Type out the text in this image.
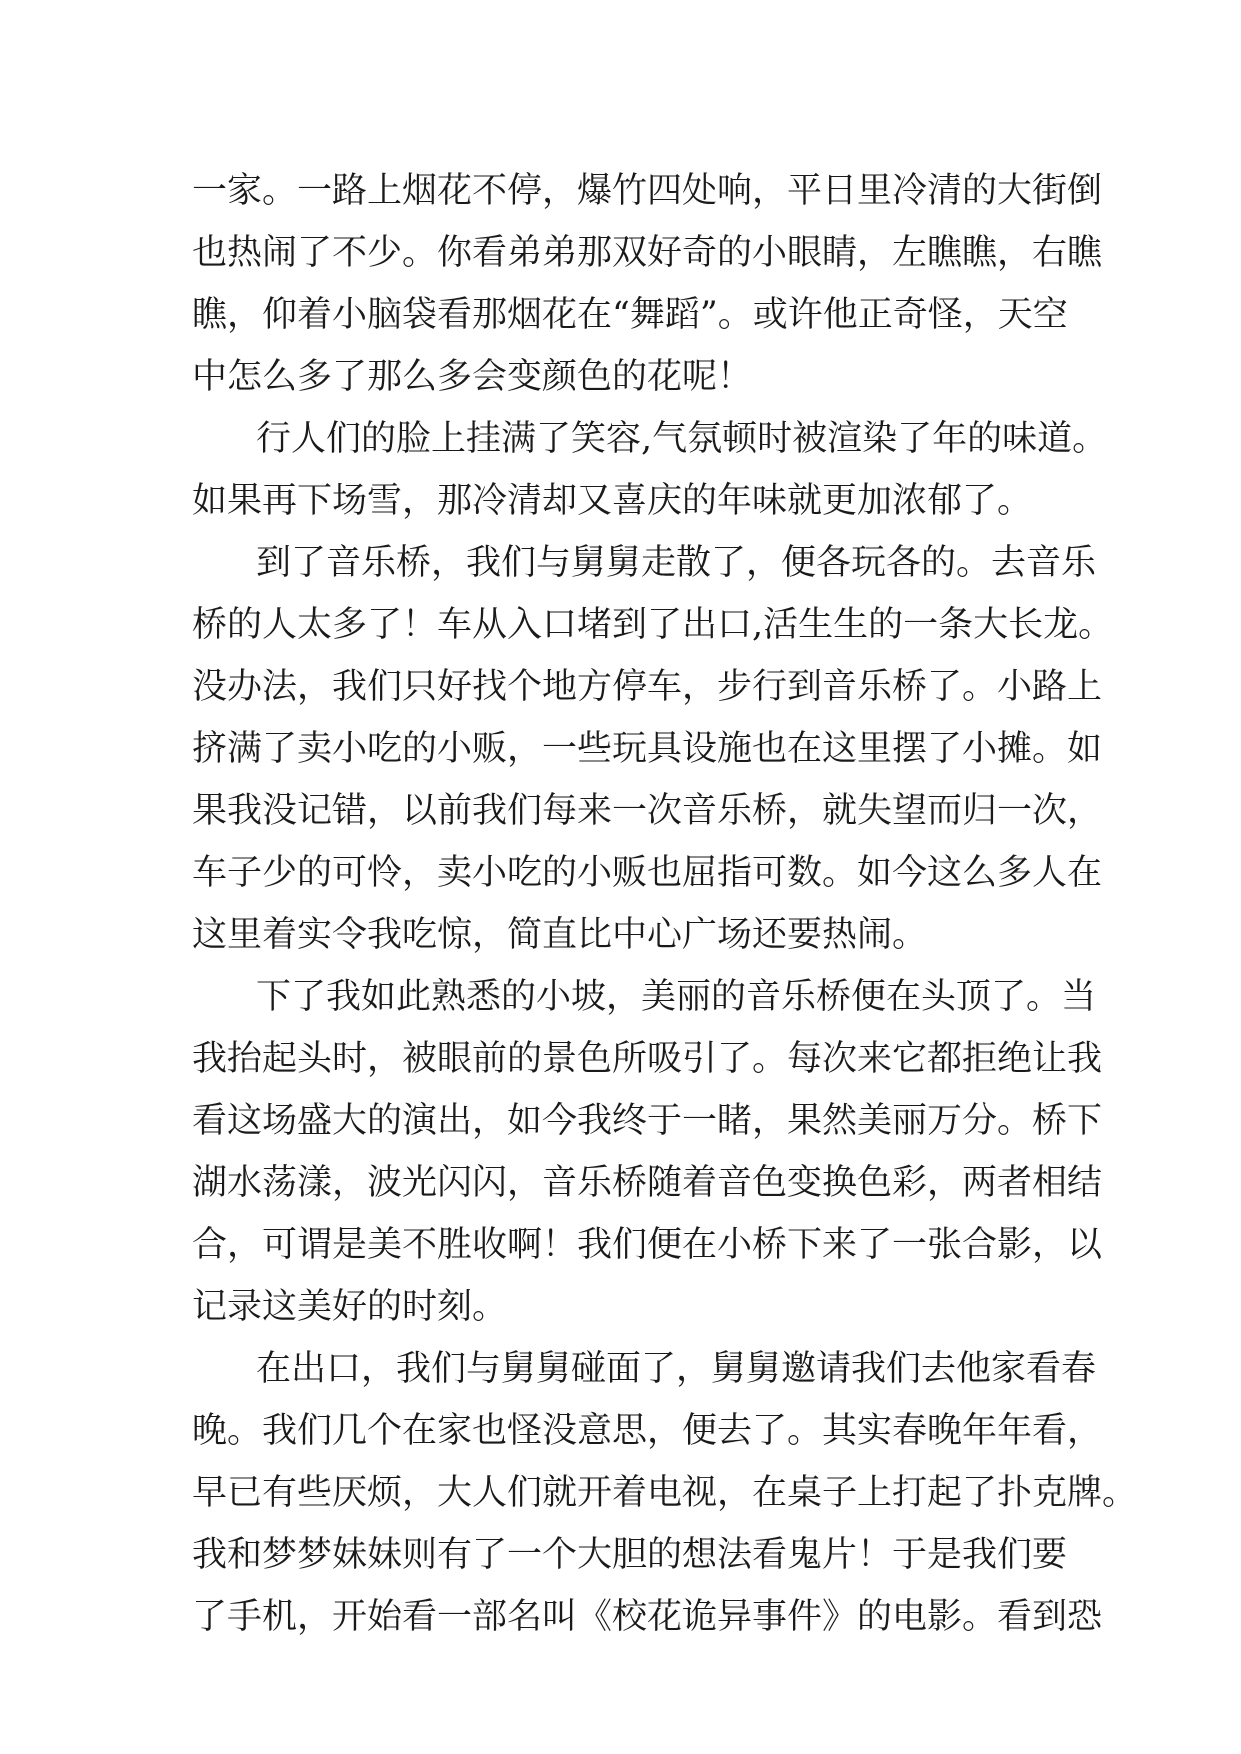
一家。一路上烟花不停，爆竹四处响，平日里冷清的大街倒
也热闹了不少。你看弟弟那双好奇的小眼睛，左瞧瞧，右瞧
瞧，仰着小脑袋看那烟花在“舞蹈”。或许他正奇怪，天空
中怎么多了那么多会变颜色的花呢！
行人们的脸上挂满了笑容,气氛顿时被渲染了年的味道。
如果再下场雪，那冷清却又喜庆的年味就更加浓郁了。
到了音乐桥，我们与舅舅走散了，便各玩各的。去音乐
桥的人太多了！车从入口堵到了出口,活生生的一条大长龙。
没办法，我们只好找个地方停车，步行到音乐桥了。小路上
挤满了卖小吃的小贩，一些玩具设施也在这里摆了小摊。如
果我没记错，以前我们每来一次音乐桥，就失望而归一次，
车子少的可怜，卖小吃的小贩也屈指可数。如今这么多人在
这里着实令我吃惊，简直比中心广场还要热闹。
下了我如此熟悉的小坡，美丽的音乐桥便在头顶了。当
我抬起头时，被眼前的景色所吸引了。每次来它都拒绝让我
看这场盛大的演出，如今我终于一睹，果然美丽万分。桥下
湖水荡漾，波光闪闪，音乐桥随着音色变换色彩，两者相结
合，可谓是美不胜收啊！我们便在小桥下来了一张合影，以
记录这美好的时刻。
在出口，我们与舅舅碰面了，舅舅邀请我们去他家看春
晚。我们几个在家也怪没意思，便去了。其实春晚年年看，
早已有些厌烦，大人们就开着电视，在桌子上打起了扑克牌。
我和梦梦妹妹则有了一个大胆的想法看鬼片！于是我们要
了手机，开始看一部名叫《校花诡异事件》的电影。看到恐
